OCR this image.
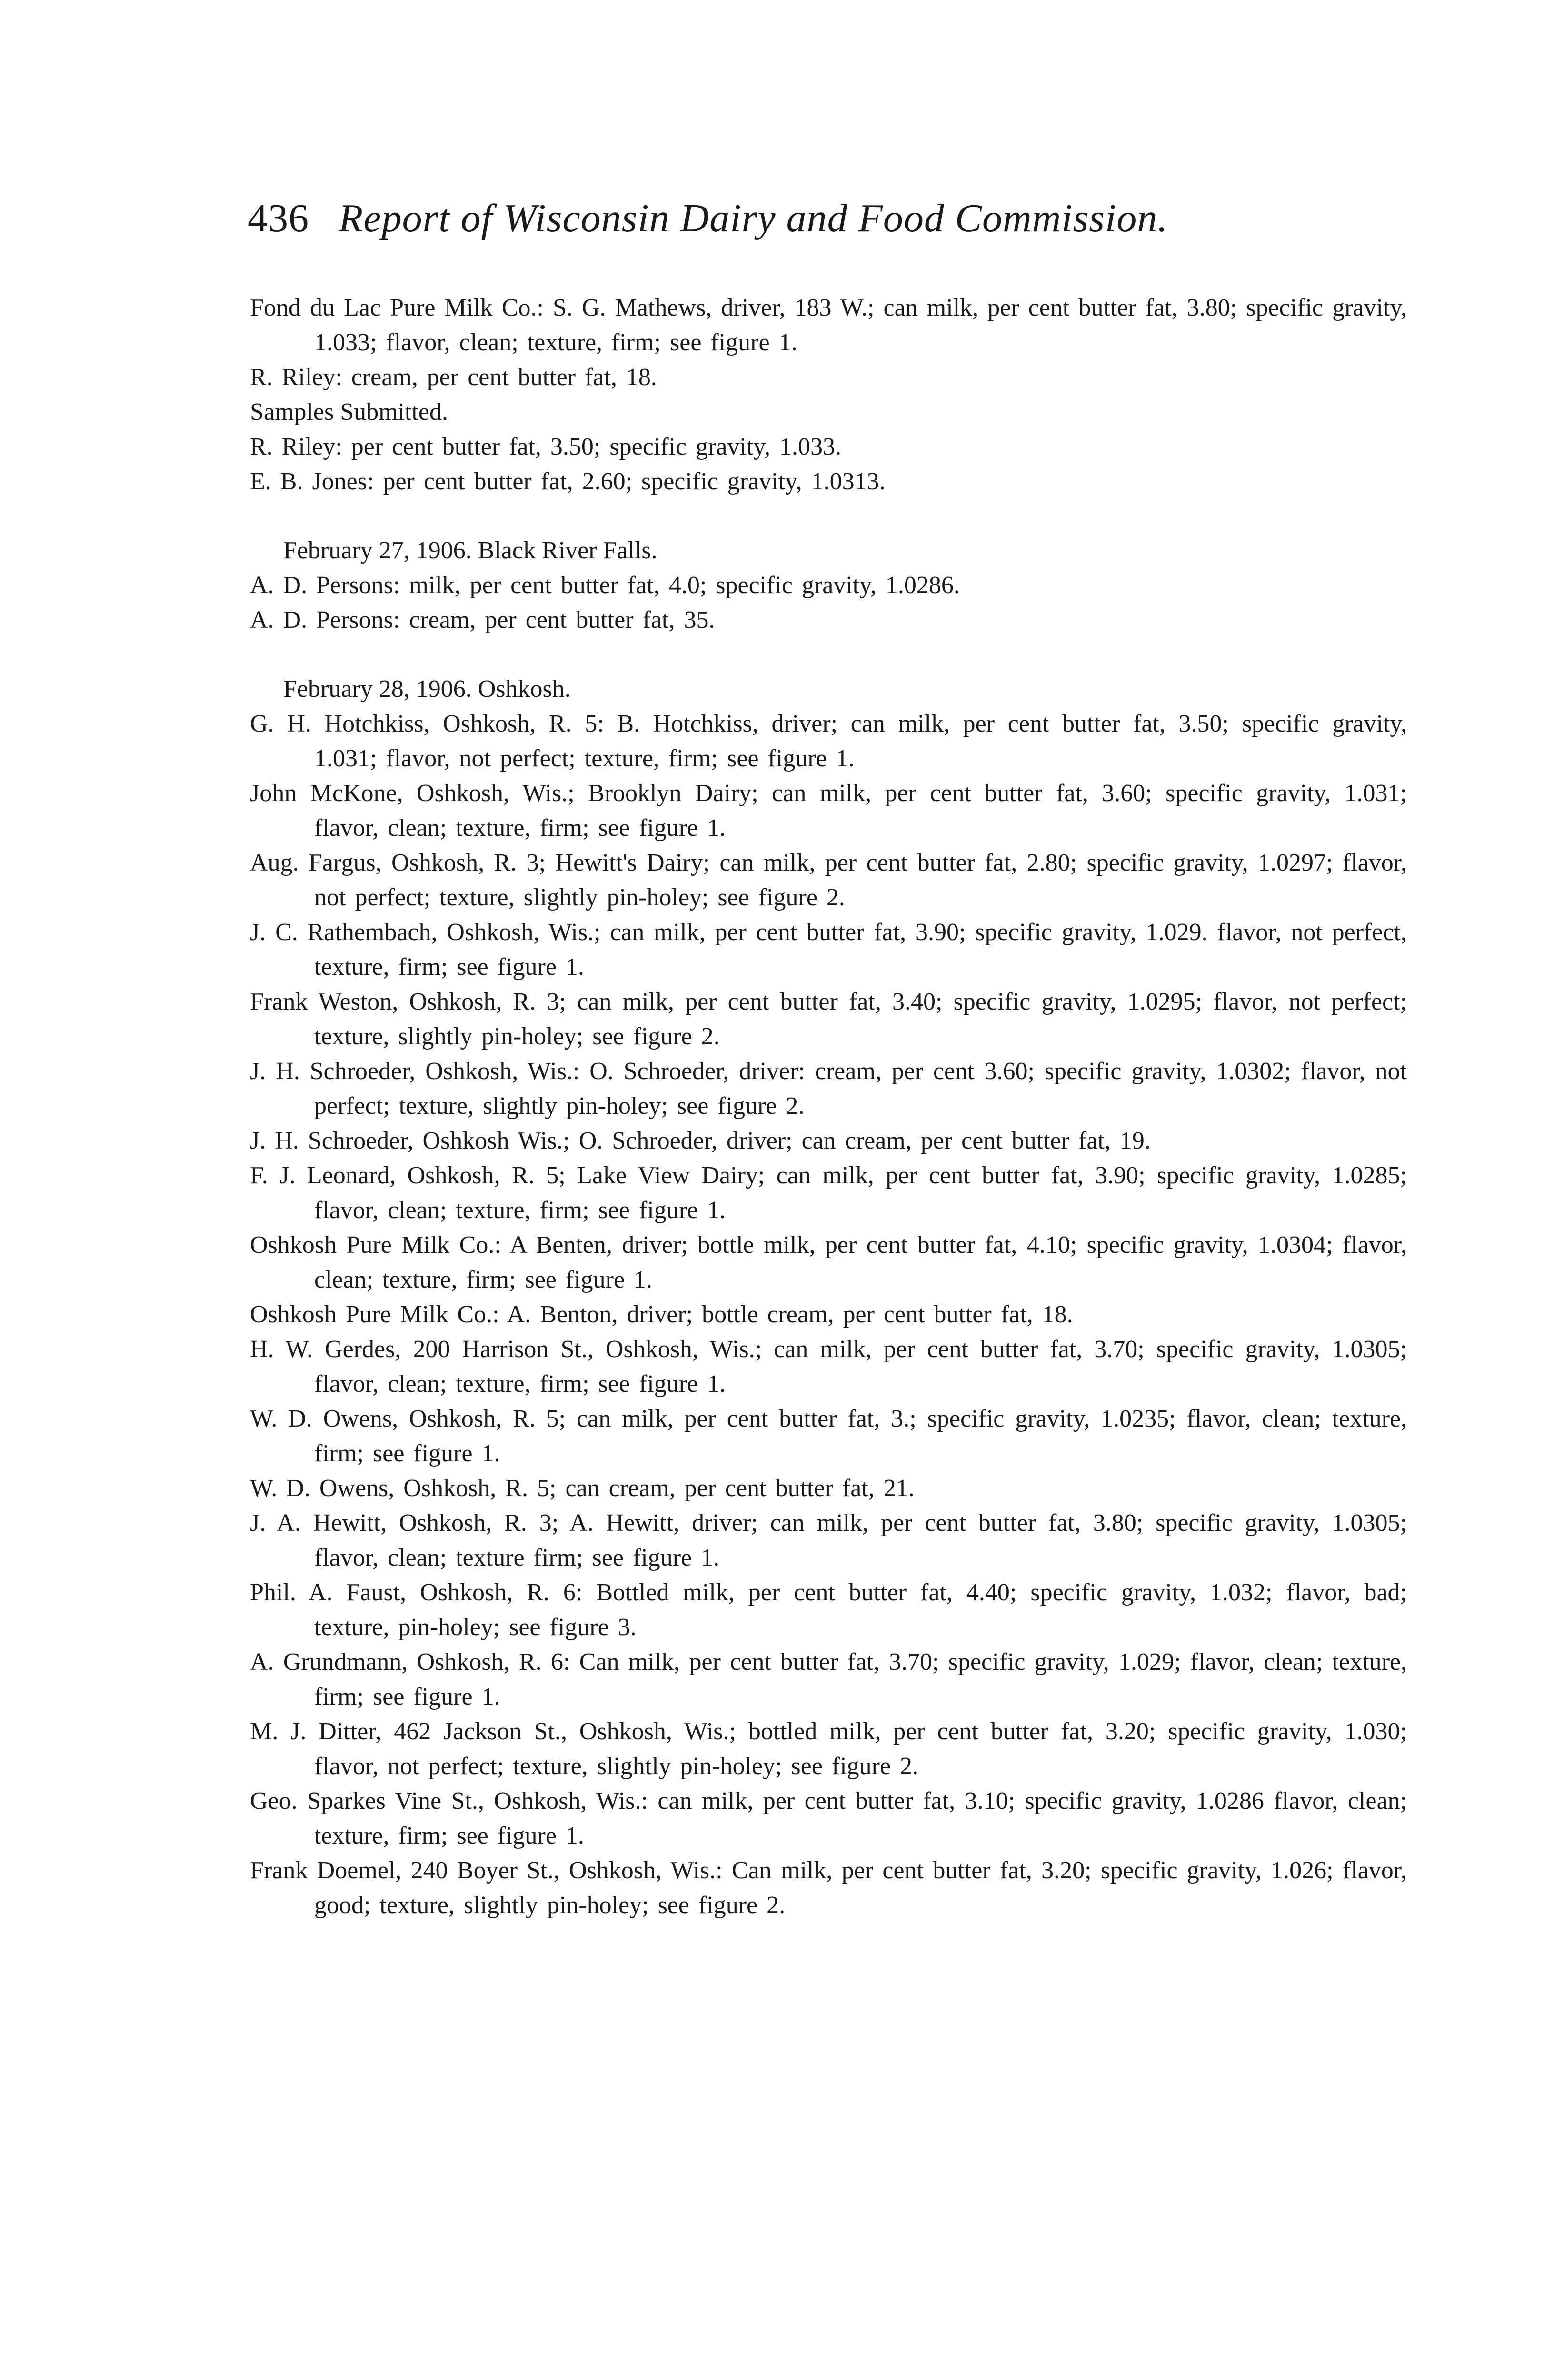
436 Report of Wisconsin Dairy and Food Commission.

Fond du Lac Pure Milk Co.: S. G. Mathews, driver, 183 W.; can milk, per cent butter fat, 3.80; specific gravity, 1.033; flavor, clean; texture, firm; see figure 1.

R. Riley: cream, per cent butter fat, 18.

Samples Submitted.

R. Riley: per cent butter fat, 3.50; specific gravity, 1.033.

E. B. Jones: per cent butter fat, 2.60; specific gravity, 1.0313.

February 27, 1906. Black River Falls.

A. D. Persons: milk, per cent butter fat, 4.0; specific gravity, 1.0286.

A. D. Persons: cream, per cent butter fat, 35.

February 28, 1906. Oshkosh.

G. H. Hotchkiss, Oshkosh, R. 5: B. Hotchkiss, driver; can milk, per cent butter fat, 3.50; specific gravity, 1.031; flavor, not perfect; texture, firm; see figure 1.

John McKone, Oshkosh, Wis.; Brooklyn Dairy; can milk, per cent butter fat, 3.60; specific gravity, 1.031; flavor, clean; texture, firm; see figure 1.

Aug. Fargus, Oshkosh, R. 3; Hewitt's Dairy; can milk, per cent butter fat, 2.80; specific gravity, 1.0297; flavor, not perfect; texture, slightly pin-holey; see figure 2.

J. C. Rathembach, Oshkosh, Wis.; can milk, per cent butter fat, 3.90; specific gravity, 1.029. flavor, not perfect, texture, firm; see figure 1.

Frank Weston, Oshkosh, R. 3; can milk, per cent butter fat, 3.40; specific gravity, 1.0295; flavor, not perfect; texture, slightly pin-holey; see figure 2.

J. H. Schroeder, Oshkosh, Wis.: O. Schroeder, driver: cream, per cent 3.60; specific gravity, 1.0302; flavor, not perfect; texture, slightly pin-holey; see figure 2.

J. H. Schroeder, Oshkosh Wis.; O. Schroeder, driver; can cream, per cent butter fat, 19.

F. J. Leonard, Oshkosh, R. 5; Lake View Dairy; can milk, per cent butter fat, 3.90; specific gravity, 1.0285; flavor, clean; texture, firm; see figure 1.

Oshkosh Pure Milk Co.: A Benten, driver; bottle milk, per cent butter fat, 4.10; specific gravity, 1.0304; flavor, clean; texture, firm; see figure 1.

Oshkosh Pure Milk Co.: A. Benton, driver; bottle cream, per cent butter fat, 18.

H. W. Gerdes, 200 Harrison St., Oshkosh, Wis.; can milk, per cent butter fat, 3.70; specific gravity, 1.0305; flavor, clean; texture, firm; see figure 1.

W. D. Owens, Oshkosh, R. 5; can milk, per cent butter fat, 3.; specific gravity, 1.0235; flavor, clean; texture, firm; see figure 1.

W. D. Owens, Oshkosh, R. 5; can cream, per cent butter fat, 21.

J. A. Hewitt, Oshkosh, R. 3; A. Hewitt, driver; can milk, per cent butter fat, 3.80; specific gravity, 1.0305; flavor, clean; texture firm; see figure 1.

Phil. A. Faust, Oshkosh, R. 6: Bottled milk, per cent butter fat, 4.40; specific gravity, 1.032; flavor, bad; texture, pin-holey; see figure 3.

A. Grundmann, Oshkosh, R. 6: Can milk, per cent butter fat, 3.70; specific gravity, 1.029; flavor, clean; texture, firm; see figure 1.

M. J. Ditter, 462 Jackson St., Oshkosh, Wis.; bottled milk, per cent butter fat, 3.20; specific gravity, 1.030; flavor, not perfect; texture, slightly pin-holey; see figure 2.

Geo. Sparkes Vine St., Oshkosh, Wis.: can milk, per cent butter fat, 3.10; specific gravity, 1.0286 flavor, clean; texture, firm; see figure 1.

Frank Doemel, 240 Boyer St., Oshkosh, Wis.: Can milk, per cent butter fat, 3.20; specific gravity, 1.026; flavor, good; texture, slightly pin-holey; see figure 2.
